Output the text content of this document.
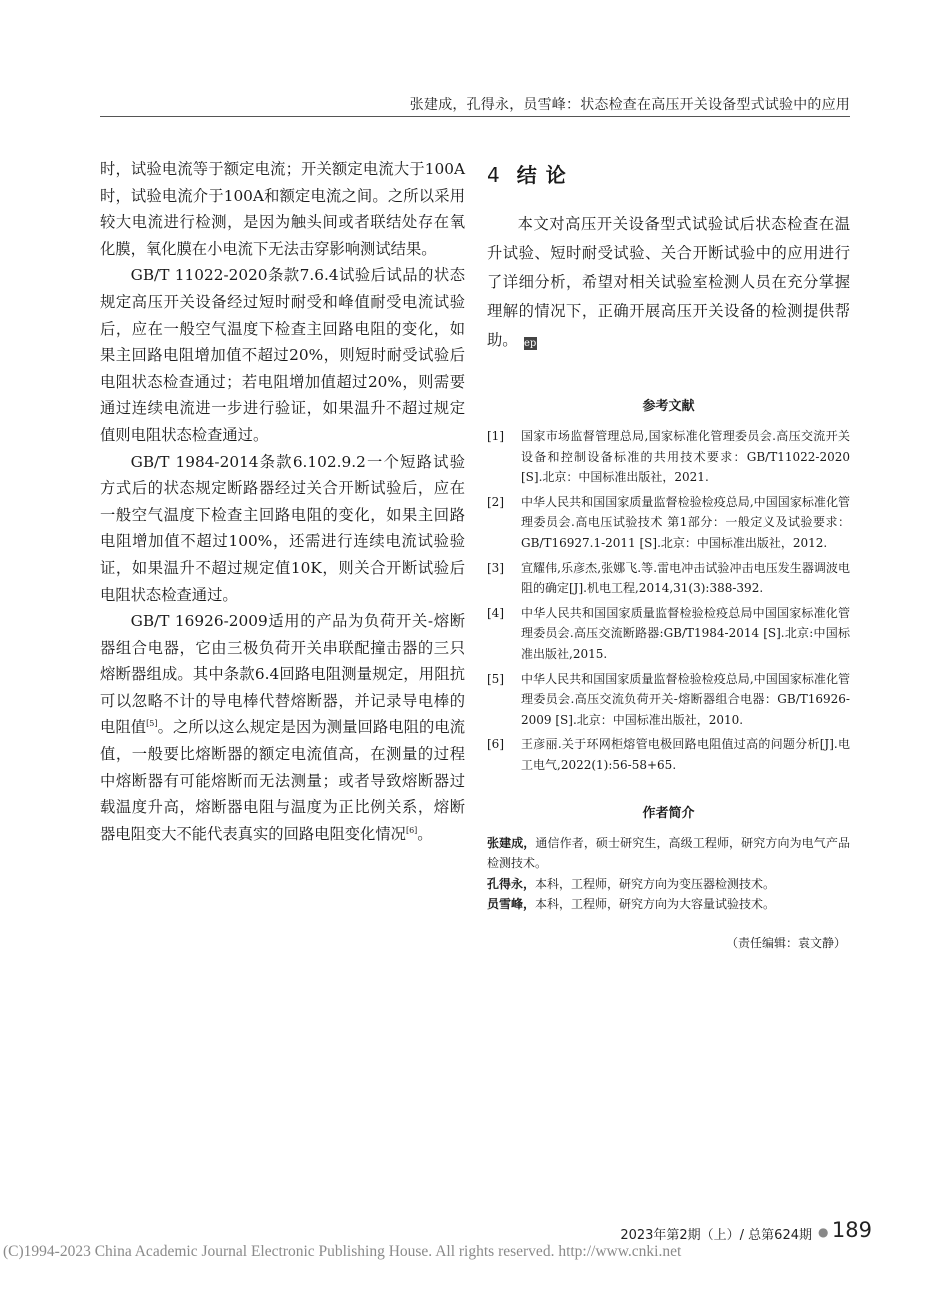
张建成，孔得永，员雪峰：状态检查在高压开关设备型式试验中的应用

时，试验电流等于额定电流；开关额定电流大于100A时，试验电流介于100A和额定电流之间。之所以采用较大电流进行检测，是因为触头间或者联结处存在氧化膜，氧化膜在小电流下无法击穿影响测试结果。

GB/T 11022-2020条款7.6.4试验后试品的状态规定高压开关设备经过短时耐受和峰值耐受电流试验后，应在一般空气温度下检查主回路电阻的变化，如果主回路电阻增加值不超过20%，则短时耐受试验后电阻状态检查通过；若电阻增加值超过20%，则需要通过连续电流进一步进行验证，如果温升不超过规定值则电阻状态检查通过。

GB/T 1984-2014条款6.102.9.2一个短路试验方式后的状态规定断路器经过关合开断试验后，应在一般空气温度下检查主回路电阻的变化，如果主回路电阻增加值不超过100%，还需进行连续电流试验验证，如果温升不超过规定值10K，则关合开断试验后电阻状态检查通过。

GB/T 16926-2009适用的产品为负荷开关-熔断器组合电器，它由三极负荷开关串联配撞击器的三只熔断器组成。其中条款6.4回路电阻测量规定，用阻抗可以忽略不计的导电棒代替熔断器，并记录导电棒的电阻值[5]。之所以这么规定是因为测量回路电阻的电流值，一般要比熔断器的额定电流值高，在测量的过程中熔断器有可能熔断而无法测量；或者导致熔断器过载温度升高，熔断器电阻与温度为正比例关系，熔断器电阻变大不能代表真实的回路电阻变化情况[6]。

4 结 论

本文对高压开关设备型式试验试后状态检查在温升试验、短时耐受试验、关合开断试验中的应用进行了详细分析，希望对相关试验室检测人员在充分掌握理解的情况下，正确开展高压开关设备的检测提供帮助。 ep

参考文献

[1] 国家市场监督管理总局,国家标准化管理委员会.高压交流开关设备和控制设备标准的共用技术要求：GB/T11022-2020 [S].北京：中国标准出版社，2021.
[2] 中华人民共和国国家质量监督检验检疫总局,中国国家标准化管理委员会.高电压试验技术 第1部分：一般定义及试验要求：GB/T16927.1-2011 [S].北京：中国标准出版社，2012.
[3] 宣耀伟,乐彦杰,张娜飞.等.雷电冲击试验冲击电压发生器调波电阻的确定[J].机电工程,2014,31(3):388-392.
[4] 中华人民共和国国家质量监督检验检疫总局中国国家标准化管理委员会.高压交流断路器:GB/T1984-2014 [S].北京:中国标准出版社,2015.
[5] 中华人民共和国国家质量监督检验检疫总局,中国国家标准化管理委员会.高压交流负荷开关-熔断器组合电器：GB/T16926-2009 [S].北京：中国标准出版社，2010.
[6] 王彦丽.关于环网柜熔管电极回路电阻值过高的问题分析[J].电工电气,2022(1):56-58+65.

作者简介

张建成，通信作者，硕士研究生，高级工程师，研究方向为电气产品检测技术。

孔得永，本科，工程师，研究方向为变压器检测技术。

员雪峰，本科，工程师，研究方向为大容量试验技术。

（责任编辑：袁文静）
2023年第2期（上）/ 总第624期 ● 189
(C)1994-2023 China Academic Journal Electronic Publishing House. All rights reserved. http://www.cnki.net
